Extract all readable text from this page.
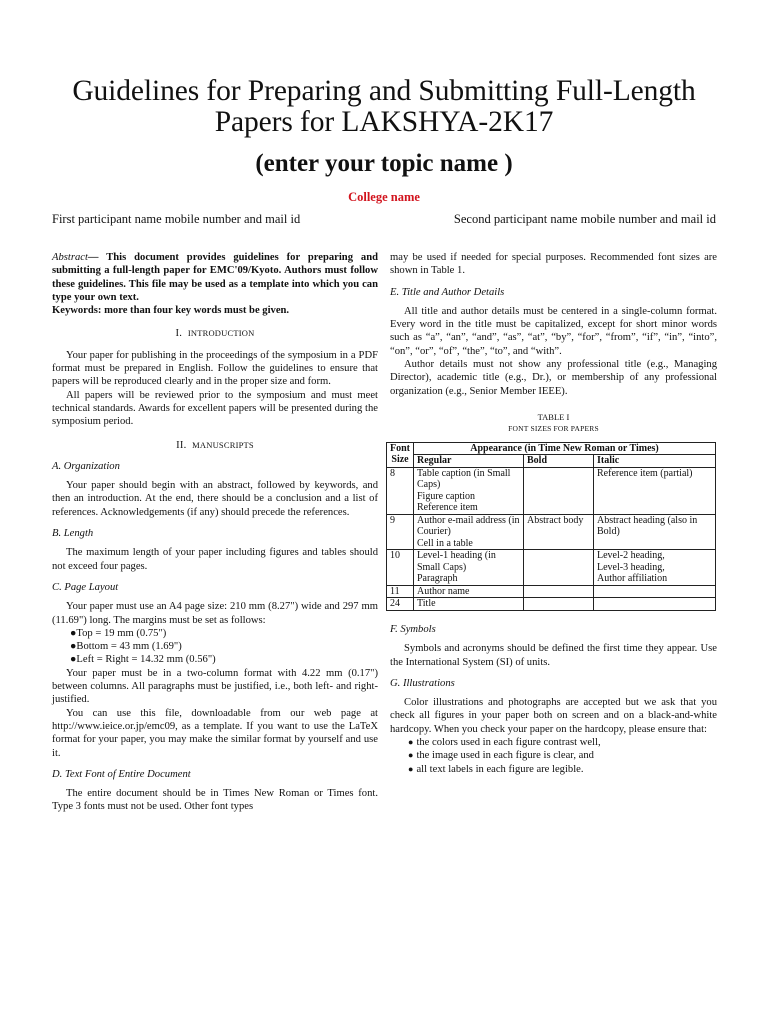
Guidelines for Preparing and Submitting Full-Length
Papers for LAKSHYA-2K17
(enter your topic name )
College name
First participant name mobile number and mail id	Second participant name mobile number and mail id

Abstract— This document provides guidelines for preparing and submitting a full-length paper for EMC'09/Kyoto. Authors must follow these guidelines. This file may be used as a template into which you can type your own text.

Keywords: more than four key words must be given.

I. INTRODUCTION

Your paper for publishing in the proceedings of the symposium in a PDF format must be prepared in English. Follow the guidelines to ensure that papers will be reproduced clearly and in the proper size and form.

All papers will be reviewed prior to the symposium and must meet technical standards. Awards for excellent papers will be presented during the symposium period.

II. MANUSCRIPTS
A. Organization

Your paper should begin with an abstract, followed by keywords, and then an introduction. At the end, there should be a conclusion and a list of references. Acknowledgements (if any) should precede the references.

B. Length

The maximum length of your paper including figures and tables should not exceed four pages.

C. Page Layout

Your paper must use an A4 page size: 210 mm (8.27") wide and 297 mm (11.69") long. The margins must be set as follows:

●Top = 19 mm (0.75")

●Bottom = 43 mm (1.69")

●Left = Right = 14.32 mm (0.56")

Your paper must be in a two-column format with 4.22 mm (0.17") between columns. All paragraphs must be justified, i.e., both left- and right-justified.

You can use this file, downloadable from our web page at http://www.ieice.or.jp/emc09, as a template. If you want to use the LaTeX format for your paper, you may make the similar format by yourself and use it.

D. Text Font of Entire Document

The entire document should be in Times New Roman or Times font. Type 3 fonts must not be used. Other font types

may be used if needed for special purposes. Recommended font sizes are shown in Table 1.

E. Title and Author Details

All title and author details must be centered in a single-column format. Every word in the title must be capitalized, except for short minor words such as “a”, “an”, “and”, “as”, “at”, “by”, “for”, “from”, “if”, “in”, “into”, “on”, “or”, “of”, “the”, “to”, and “with”.

Author details must not show any professional title (e.g., Managing Director), academic title (e.g., Dr.), or membership of any professional organization (e.g., Senior Member IEEE).

TABLE I
FONT SIZES FOR PAPERS
Font
Size	Appearance (in Time New Roman or Times)		
	Regular	Bold	Italic
8	Table caption (in Small Caps)
Figure caption
Reference item		Reference item (partial)
9	Author e-mail address (in Courier)
Cell in a table	Abstract body	Abstract heading (also in Bold)
10	Level-1 heading (in Small Caps)
Paragraph		Level-2 heading,
Level-3 heading,
Author affiliation
11	Author name		
24	Title		
F. Symbols

Symbols and acronyms should be defined the first time they appear. Use the International System (SI) of units.

G. Illustrations

Color illustrations and photographs are accepted but we ask that you check all figures in your paper both on screen and on a black-and-white hardcopy. When you check your paper on the hardcopy, please ensure that:

● the colors used in each figure contrast well,

● the image used in each figure is clear, and

● all text labels in each figure are legible.
